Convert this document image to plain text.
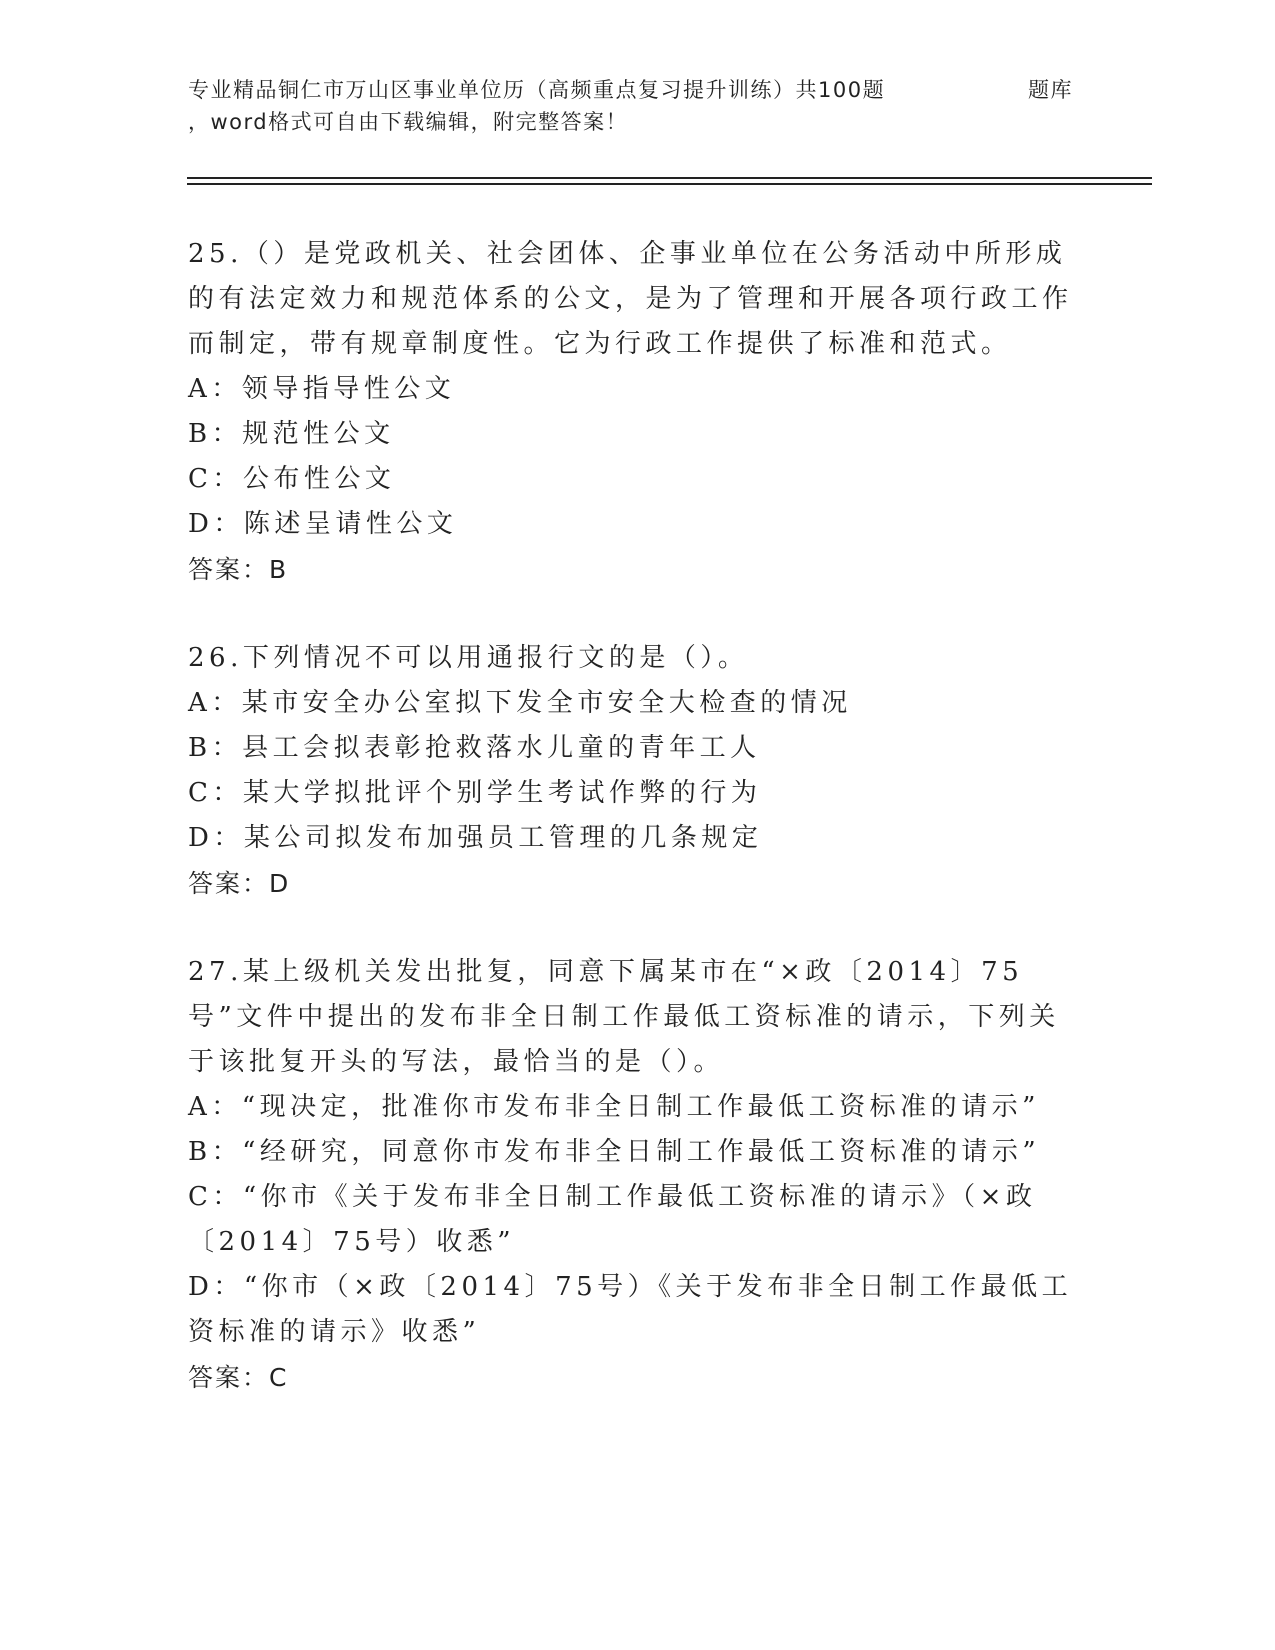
专业精品铜仁市万山区事业单位历（高频重点复习提升训练）共100题	题库
，word格式可自由下载编辑，附完整答案！

25.（）是党政机关、社会团体、企事业单位在公务活动中所形成的有法定效力和规范体系的公文，是为了管理和开展各项行政工作而制定，带有规章制度性。它为行政工作提供了标准和范式。

A：领导指导性公文

B：规范性公文

C：公布性公文

D：陈述呈请性公文

答案：B

26.下列情况不可以用通报行文的是（）。

A：某市安全办公室拟下发全市安全大检查的情况

B：县工会拟表彰抢救落水儿童的青年工人

C：某大学拟批评个别学生考试作弊的行为

D：某公司拟发布加强员工管理的几条规定

答案：D

27.某上级机关发出批复，同意下属某市在“×政〔2014〕75号”文件中提出的发布非全日制工作最低工资标准的请示，下列关于该批复开头的写法，最恰当的是（）。

A：“现决定，批准你市发布非全日制工作最低工资标准的请示”

B：“经研究，同意你市发布非全日制工作最低工资标准的请示”

C：“你市《关于发布非全日制工作最低工资标准的请示》（×政〔2014〕75号）收悉”

D：“你市（×政〔2014〕75号）《关于发布非全日制工作最低工资标准的请示》收悉”

答案：C
